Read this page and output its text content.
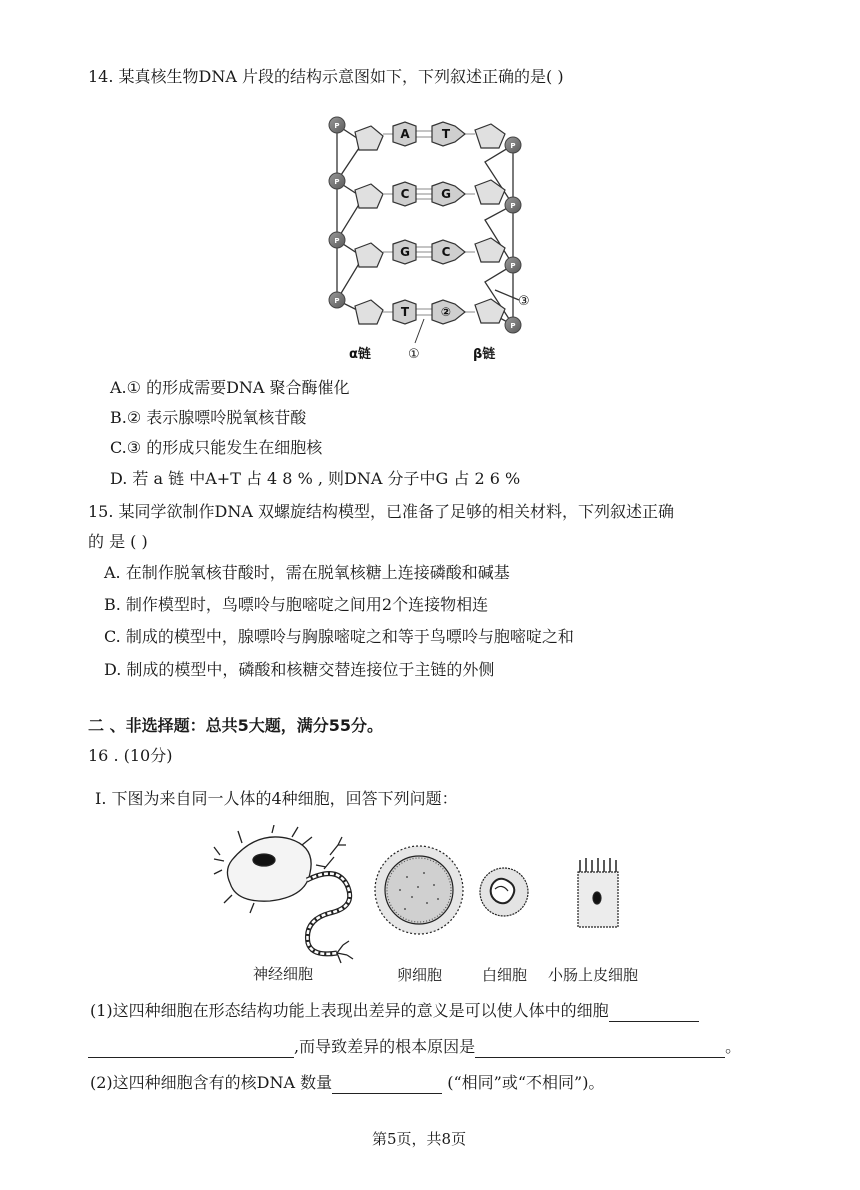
14. 某真核生物DNA 片段的结构示意图如下，下列叙述正确的是( )
A	T
C	G
G	C
T	②
P
P
P
P
P
P
P
P
③
α链	①	β链
A.① 的形成需要DNA 聚合酶催化
B.② 表示腺嘌呤脱氧核苷酸
C.③ 的形成只能发生在细胞核
D. 若 a 链 中A+T 占 4 8 % , 则DNA 分子中G 占 2 6 %
15. 某同学欲制作DNA 双螺旋结构模型，已准备了足够的相关材料，下列叙述正确
的 是 ( )
A. 在制作脱氧核苷酸时，需在脱氧核糖上连接磷酸和碱基
B. 制作模型时，鸟嘌呤与胞嘧啶之间用2个连接物相连
C. 制成的模型中，腺嘌呤与胸腺嘧啶之和等于鸟嘌呤与胞嘧啶之和
D. 制成的模型中，磷酸和核糖交替连接位于主链的外侧
二 、非选择题：总共5大题，满分55分。
16 . (10分)
I. 下图为来自同一人体的4种细胞，回答下列问题：
神经细胞	卵细胞	白细胞 小肠上皮细胞
(1)这四种细胞在形态结构功能上表现出差异的意义是可以使人体中的细胞
,而导致差异的根本原因是	。
(2)这四种细胞含有的核DNA 数量	(“相同”或“不相同”)。
第5页，共8页
